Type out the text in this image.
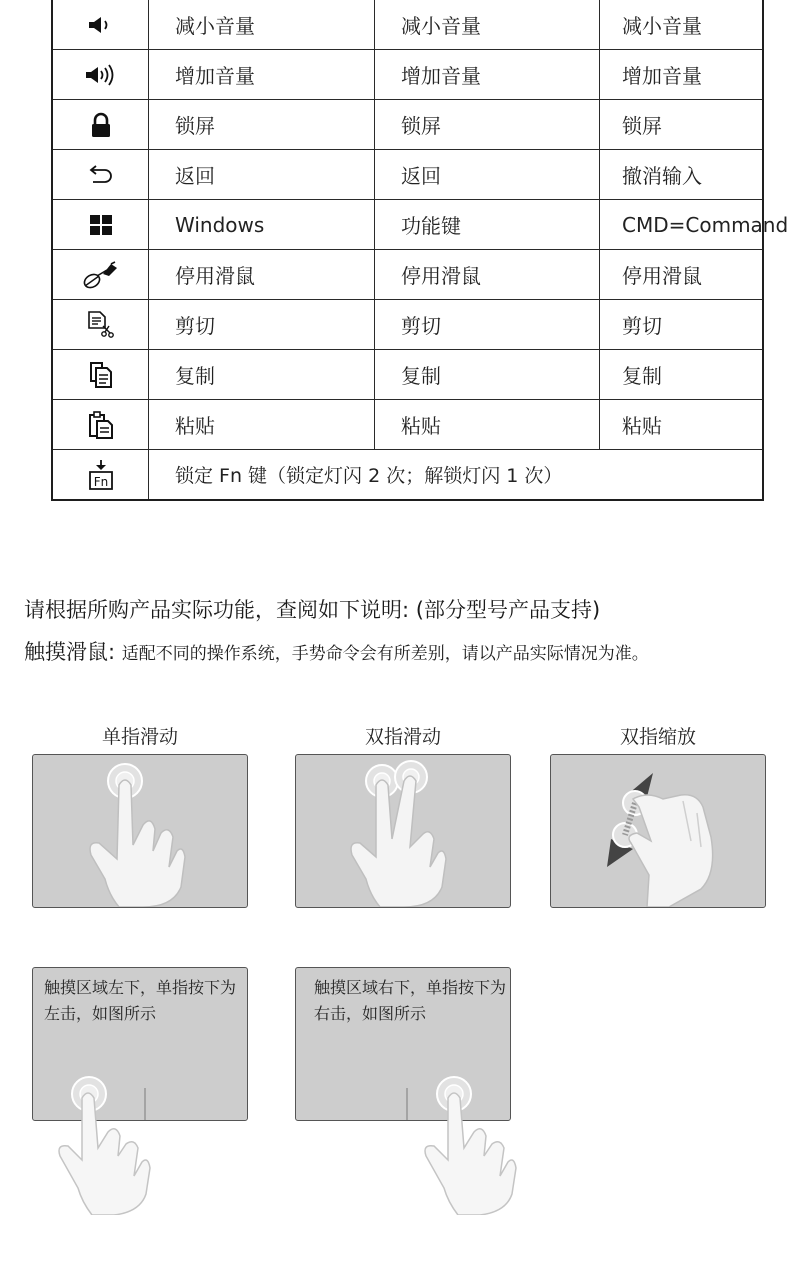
	减小音量	减小音量	减小音量

	增加音量	增加音量	增加音量

	锁屏	锁屏	锁屏

	返回	返回	撤消输入

	Windows	功能键	CMD=Command

	停用滑鼠	停用滑鼠	停用滑鼠

	剪切	剪切	剪切

	复制	复制	复制

	粘贴	粘贴	粘贴

Fn	锁定 Fn 键（锁定灯闪 2 次；解锁灯闪 1 次）		
请根据所购产品实际功能，查阅如下说明: (部分型号产品支持)
触摸滑鼠: 适配不同的操作系统，手势命令会有所差别，请以产品实际情况为准。
单指滑动	双指滑动	双指缩放
触摸区域左下，单指按下为左击，如图所示
触摸区域右下，单指按下为右击，如图所示
